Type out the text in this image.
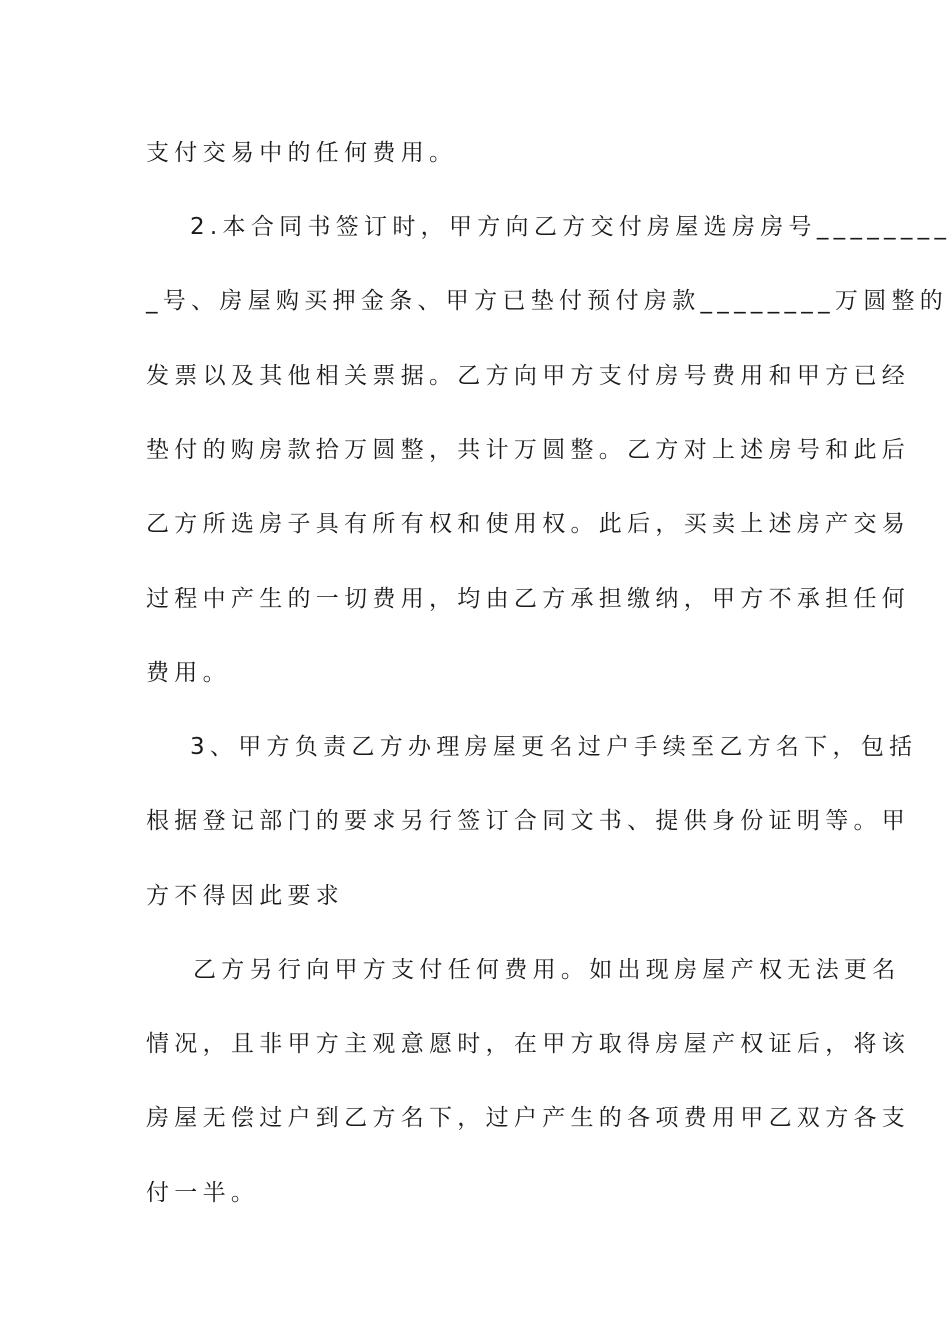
支付交易中的任何费用。
2.本合同书签订时，甲方向乙方交付房屋选房房号________
_号、房屋购买押金条、甲方已垫付预付房款________万圆整的
发票以及其他相关票据。乙方向甲方支付房号费用和甲方已经
垫付的购房款拾万圆整，共计万圆整。乙方对上述房号和此后
乙方所选房子具有所有权和使用权。此后，买卖上述房产交易
过程中产生的一切费用，均由乙方承担缴纳，甲方不承担任何
费用。
3、甲方负责乙方办理房屋更名过户手续至乙方名下，包括
根据登记部门的要求另行签订合同文书、提供身份证明等。甲
方不得因此要求
乙方另行向甲方支付任何费用。如出现房屋产权无法更名
情况，且非甲方主观意愿时，在甲方取得房屋产权证后，将该
房屋无偿过户到乙方名下，过户产生的各项费用甲乙双方各支
付一半。
